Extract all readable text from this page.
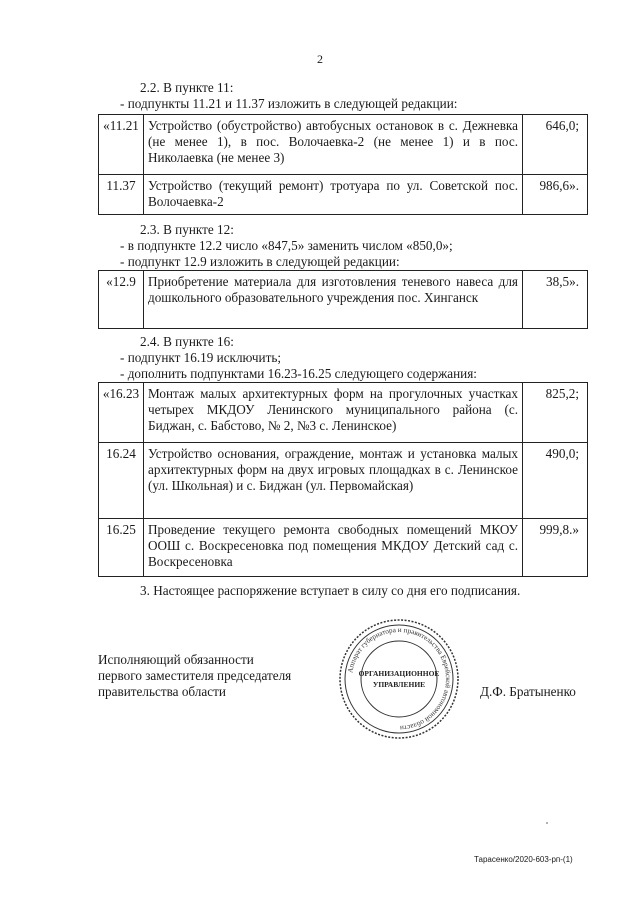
2
2.2. В пункте 11:
- подпункты 11.21 и 11.37 изложить в следующей редакции:
«11.21	Устройство (обустройство) автобусных остановок в с. Дежневка (не менее 1), в пос. Волочаевка-2 (не менее 1) и в пос. Николаевка (не менее 3)	646,0;
11.37	Устройство (текущий ремонт) тротуара по ул. Советской пос. Волочаевка-2	986,6».
2.3. В пункте 12:
- в подпункте 12.2 число «847,5» заменить числом «850,0»;
- подпункт 12.9 изложить в следующей редакции:
«12.9	Приобретение материала для изготовления теневого навеса для дошкольного образовательного учреждения пос. Хинганск	38,5».
2.4. В пункте 16:
- подпункт 16.19 исключить;
- дополнить подпунктами 16.23-16.25 следующего содержания:
«16.23	Монтаж малых архитектурных форм на прогулочных участках четырех МКДОУ Ленинского муниципального района (с. Биджан, с. Бабстово, № 2, №3 с. Ленинское)	825,2;
16.24	Устройство основания, ограждение, монтаж и установка малых архитектурных форм на двух игровых площадках в с. Ленинское (ул. Школьная) и с. Биджан (ул. Первомайская)	490,0;
16.25	Проведение текущего ремонта свободных помещений МКОУ ООШ с. Воскресеновка под помещения МКДОУ Детский сад с. Воскресеновка	999,8.»
3. Настоящее распоряжение вступает в силу со дня его подписания.
Исполняющий обязанности
первого заместителя председателя
правительства области	Д.Ф. Братыненко
Аппарат губернатора и правительства Еврейской автономной области
ОРГАНИЗАЦИОННОЕ
УПРАВЛЕНИЕ
Тарасенко/2020-603-рп-(1)
